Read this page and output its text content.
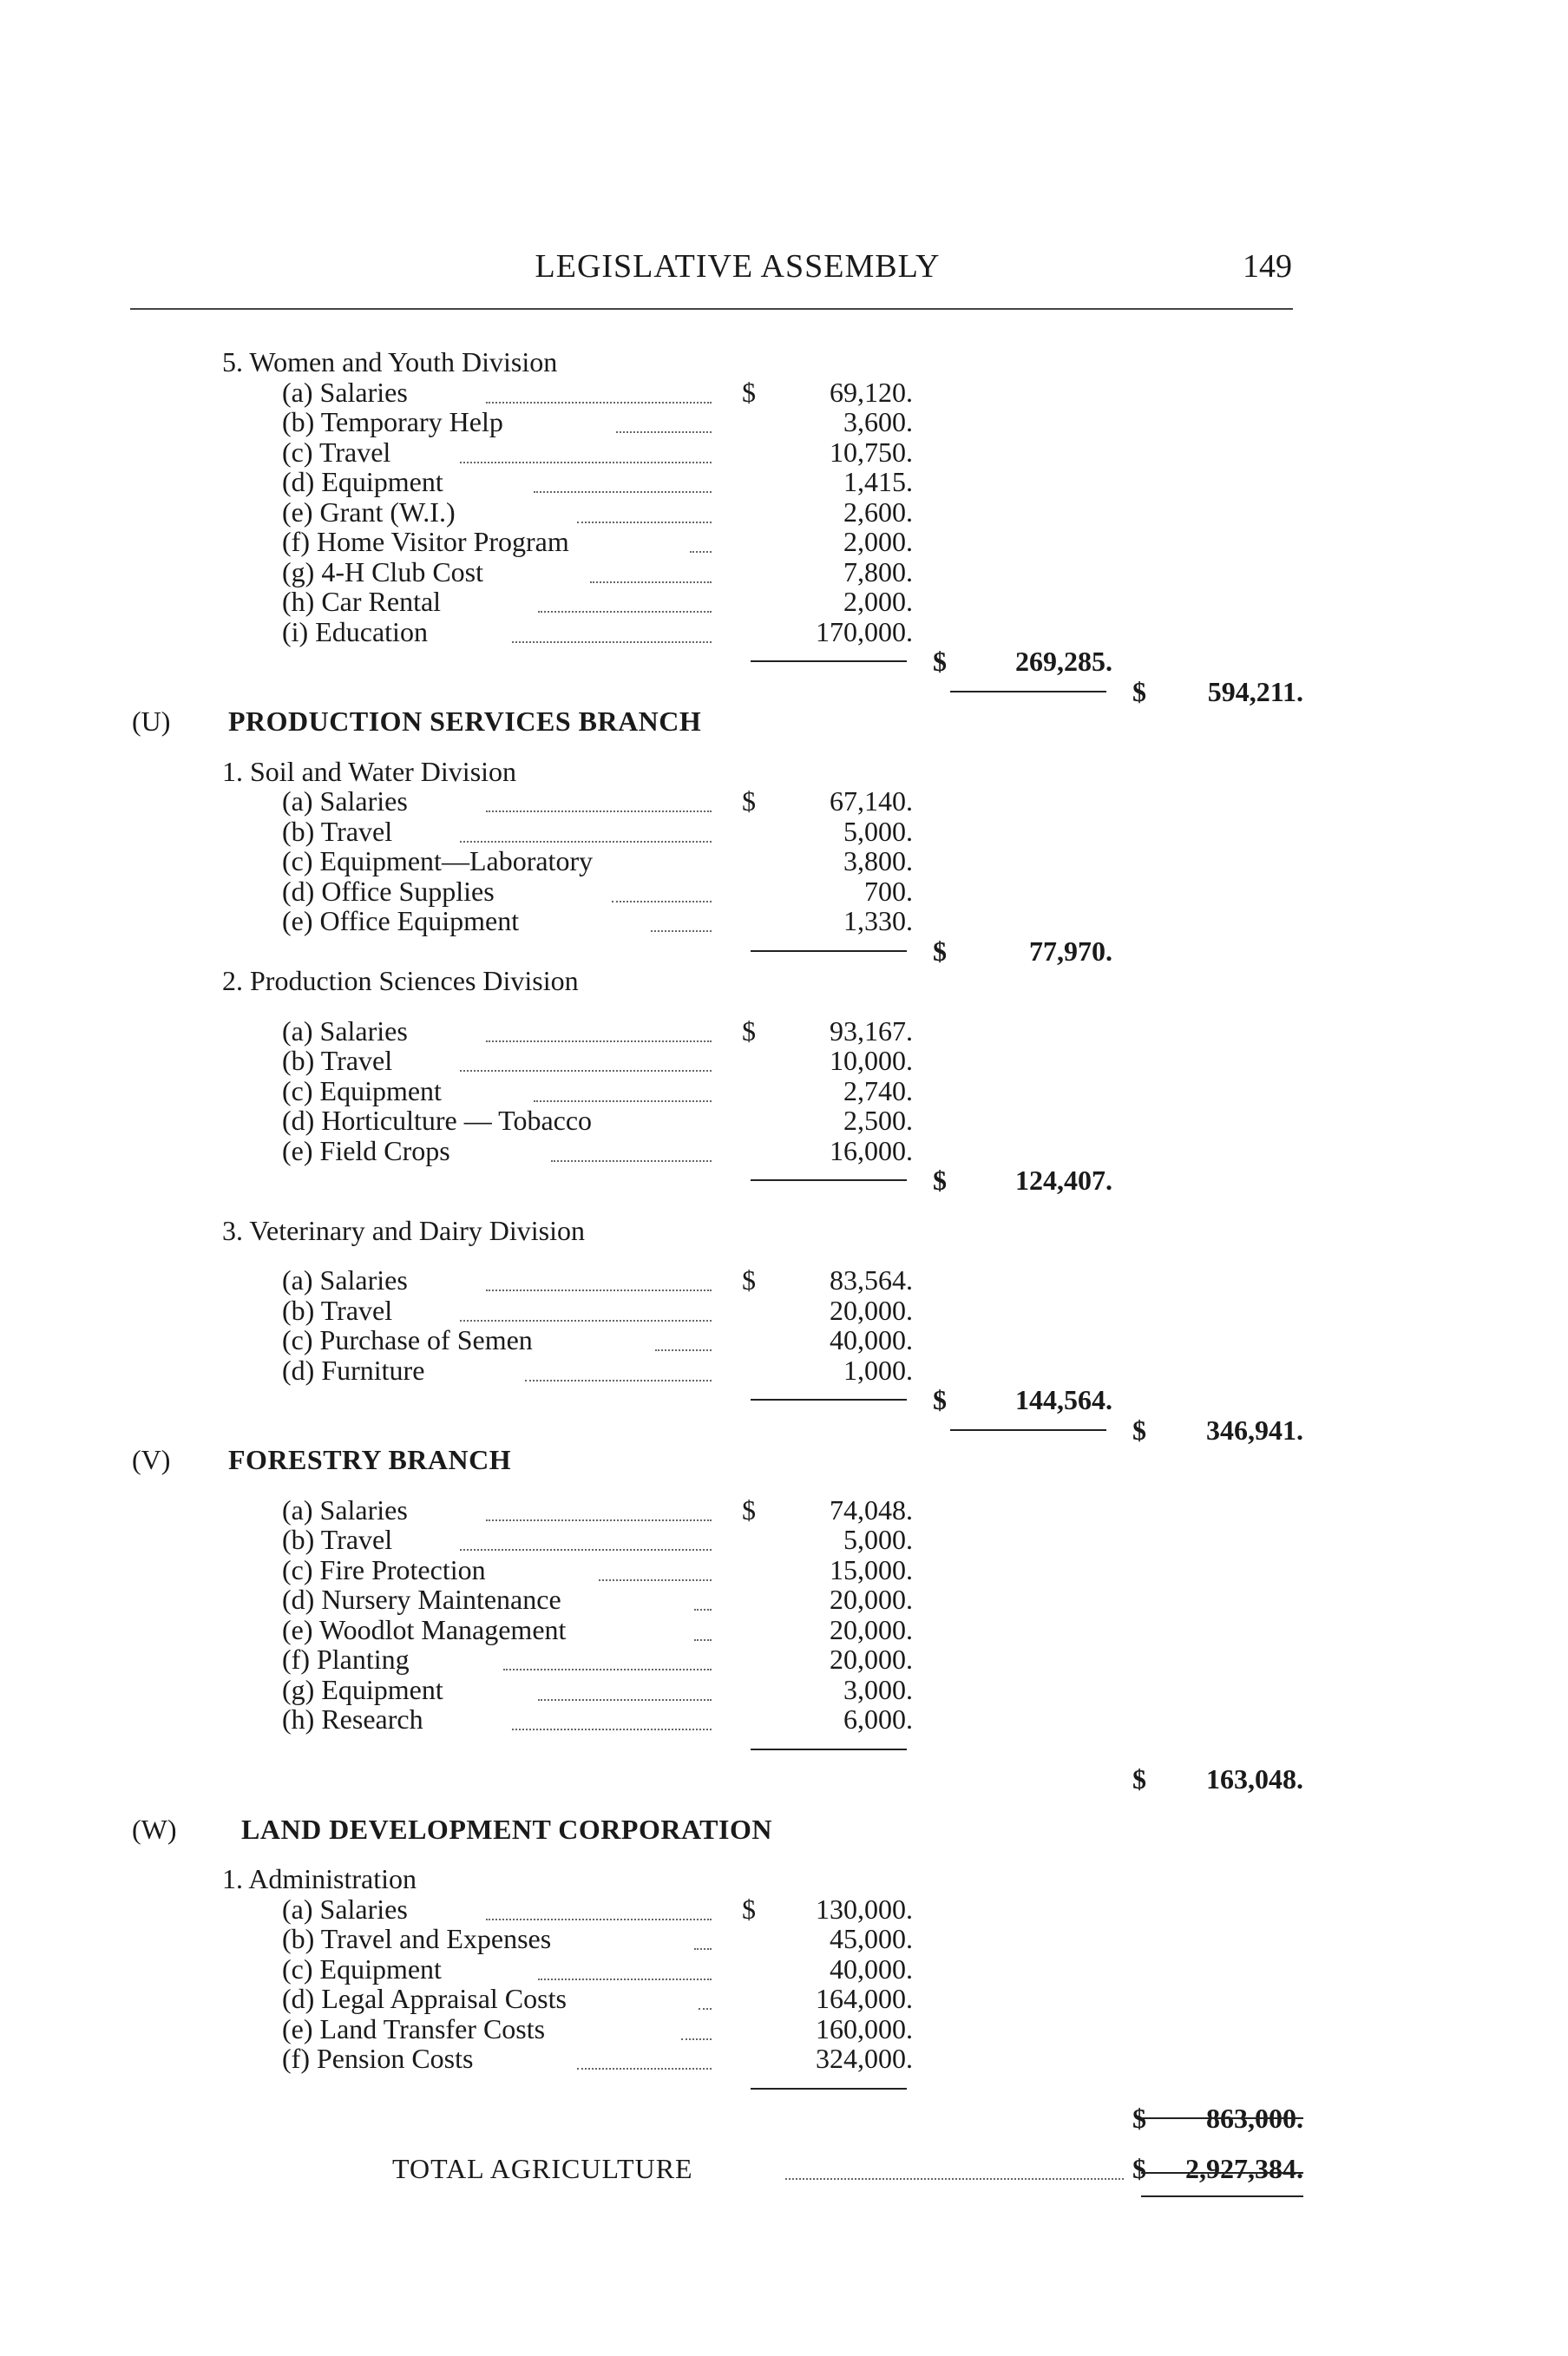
LEGISLATIVE ASSEMBLY	149
5. Women and Youth Division
(a) Salaries	$	69,120.
(b) Temporary Help	3,600.
(c) Travel	10,750.
(d) Equipment	1,415.
(e) Grant (W.I.)	2,600.
(f) Home Visitor Program	2,000.
(g) 4-H Club Cost	7,800.
(h) Car Rental	2,000.
(i) Education	170,000.
$ 269,285.
$ 594,211.
(U) PRODUCTION SERVICES BRANCH
1. Soil and Water Division
(a) Salaries	$	67,140.
(b) Travel	5,000.
(c) Equipment—Laboratory	3,800.
(d) Office Supplies	700.
(e) Office Equipment	1,330.
$	77,970.
2. Production Sciences Division
(a) Salaries	$	93,167.
(b) Travel	10,000.
(c) Equipment	2,740.
(d) Horticulture — Tobacco	2,500.
(e) Field Crops	16,000.
$ 124,407.
3. Veterinary and Dairy Division
(a) Salaries	$	83,564.
(b) Travel	20,000.
(c) Purchase of Semen	40,000.
(d) Furniture	1,000.
$ 144,564.
$ 346,941.
(V) FORESTRY BRANCH
(a) Salaries	$	74,048.
(b) Travel	5,000.
(c) Fire Protection	15,000.
(d) Nursery Maintenance	20,000.
(e) Woodlot Management	20,000.
(f) Planting	20,000.
(g) Equipment	3,000.
(h) Research	6,000.
$ 163,048.
(W) LAND DEVELOPMENT CORPORATION
1. Administration
(a) Salaries	$ 130,000.
(b) Travel and Expenses	45,000.
(c) Equipment	40,000.
(d) Legal Appraisal Costs	164,000.
(e) Land Transfer Costs	160,000.
(f) Pension Costs	324,000.
$ 863,000.
TOTAL AGRICULTURE	$ 2,927,384.
